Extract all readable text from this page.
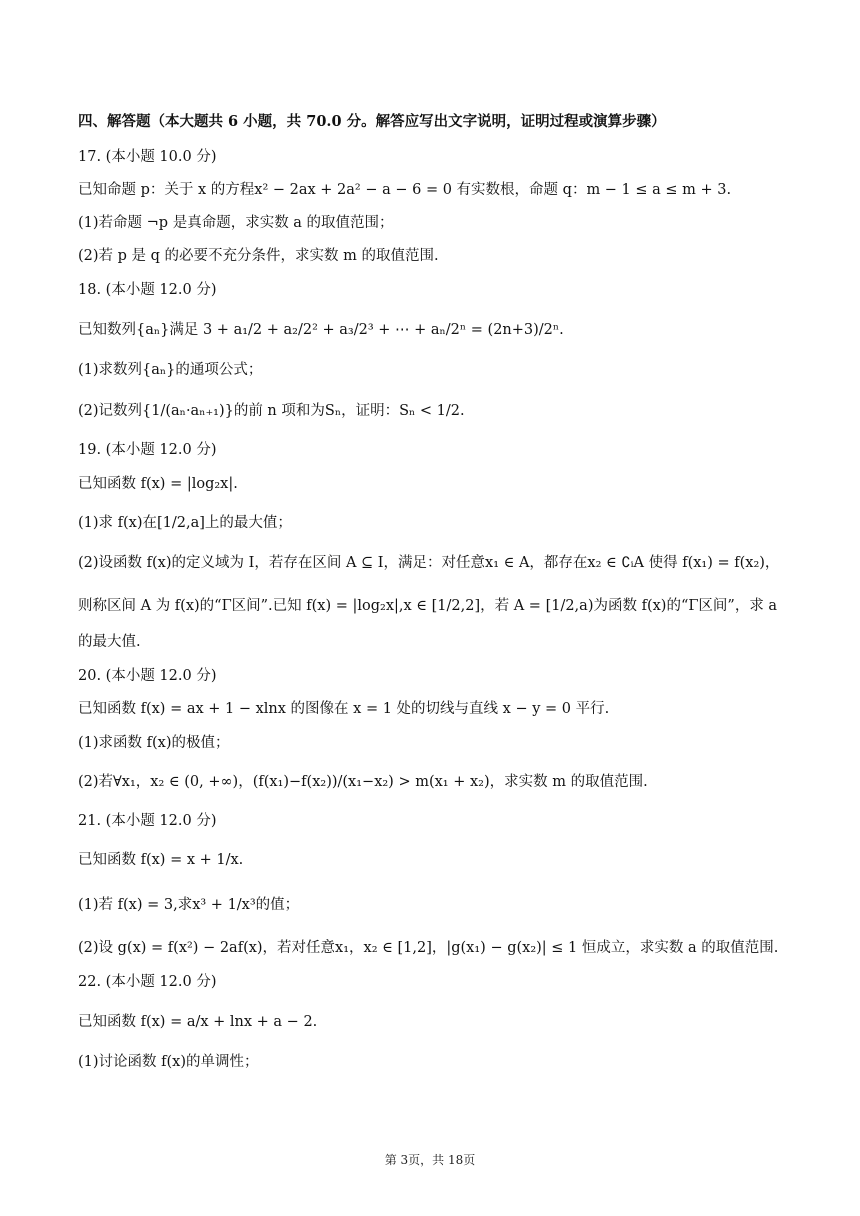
四、解答题（本大题共 6 小题，共 70.0 分。解答应写出文字说明，证明过程或演算步骤）
17. (本小题 10.0 分)
已知命题 p：关于 x 的方程x² − 2ax + 2a² − a − 6 = 0 有实数根，命题 q：m − 1 ≤ a ≤ m + 3.
(1)若命题 ¬p 是真命题，求实数 a 的取值范围；
(2)若 p 是 q 的必要不充分条件，求实数 m 的取值范围.
18. (本小题 12.0 分)
已知数列{aₙ}满足 3 + a₁/2 + a₂/2² + a₃/2³ + ⋯ + aₙ/2ⁿ = (2n+3)/2ⁿ.
(1)求数列{aₙ}的通项公式；
(2)记数列{1/(aₙ·aₙ₊₁)}的前 n 项和为Sₙ，证明：Sₙ < 1/2.
19. (本小题 12.0 分)
已知函数 f(x) = |log₂x|.
(1)求 f(x)在[1/2,a]上的最大值；
(2)设函数 f(x)的定义域为 I，若存在区间 A ⊆ I，满足：对任意x₁ ∈ A，都存在x₂ ∈ ∁ᵢA 使得 f(x₁) = f(x₂)，
则称区间 A 为 f(x)的“Γ区间”.已知 f(x) = |log₂x|,x ∈ [1/2,2]，若 A = [1/2,a)为函数 f(x)的“Γ区间”，求 a
的最大值.
20. (本小题 12.0 分)
已知函数 f(x) = ax + 1 − xlnx 的图像在 x = 1 处的切线与直线 x − y = 0 平行.
(1)求函数 f(x)的极值；
(2)若∀x₁，x₂ ∈ (0, +∞)，(f(x₁)−f(x₂))/(x₁−x₂) > m(x₁ + x₂)，求实数 m 的取值范围.
21. (本小题 12.0 分)
已知函数 f(x) = x + 1/x.
(1)若 f(x) = 3,求x³ + 1/x³的值；
(2)设 g(x) = f(x²) − 2af(x)，若对任意x₁，x₂ ∈ [1,2]，|g(x₁) − g(x₂)| ≤ 1 恒成立，求实数 a 的取值范围.
22. (本小题 12.0 分)
已知函数 f(x) = a/x + lnx + a − 2.
(1)讨论函数 f(x)的单调性；
第 3页，共 18页
